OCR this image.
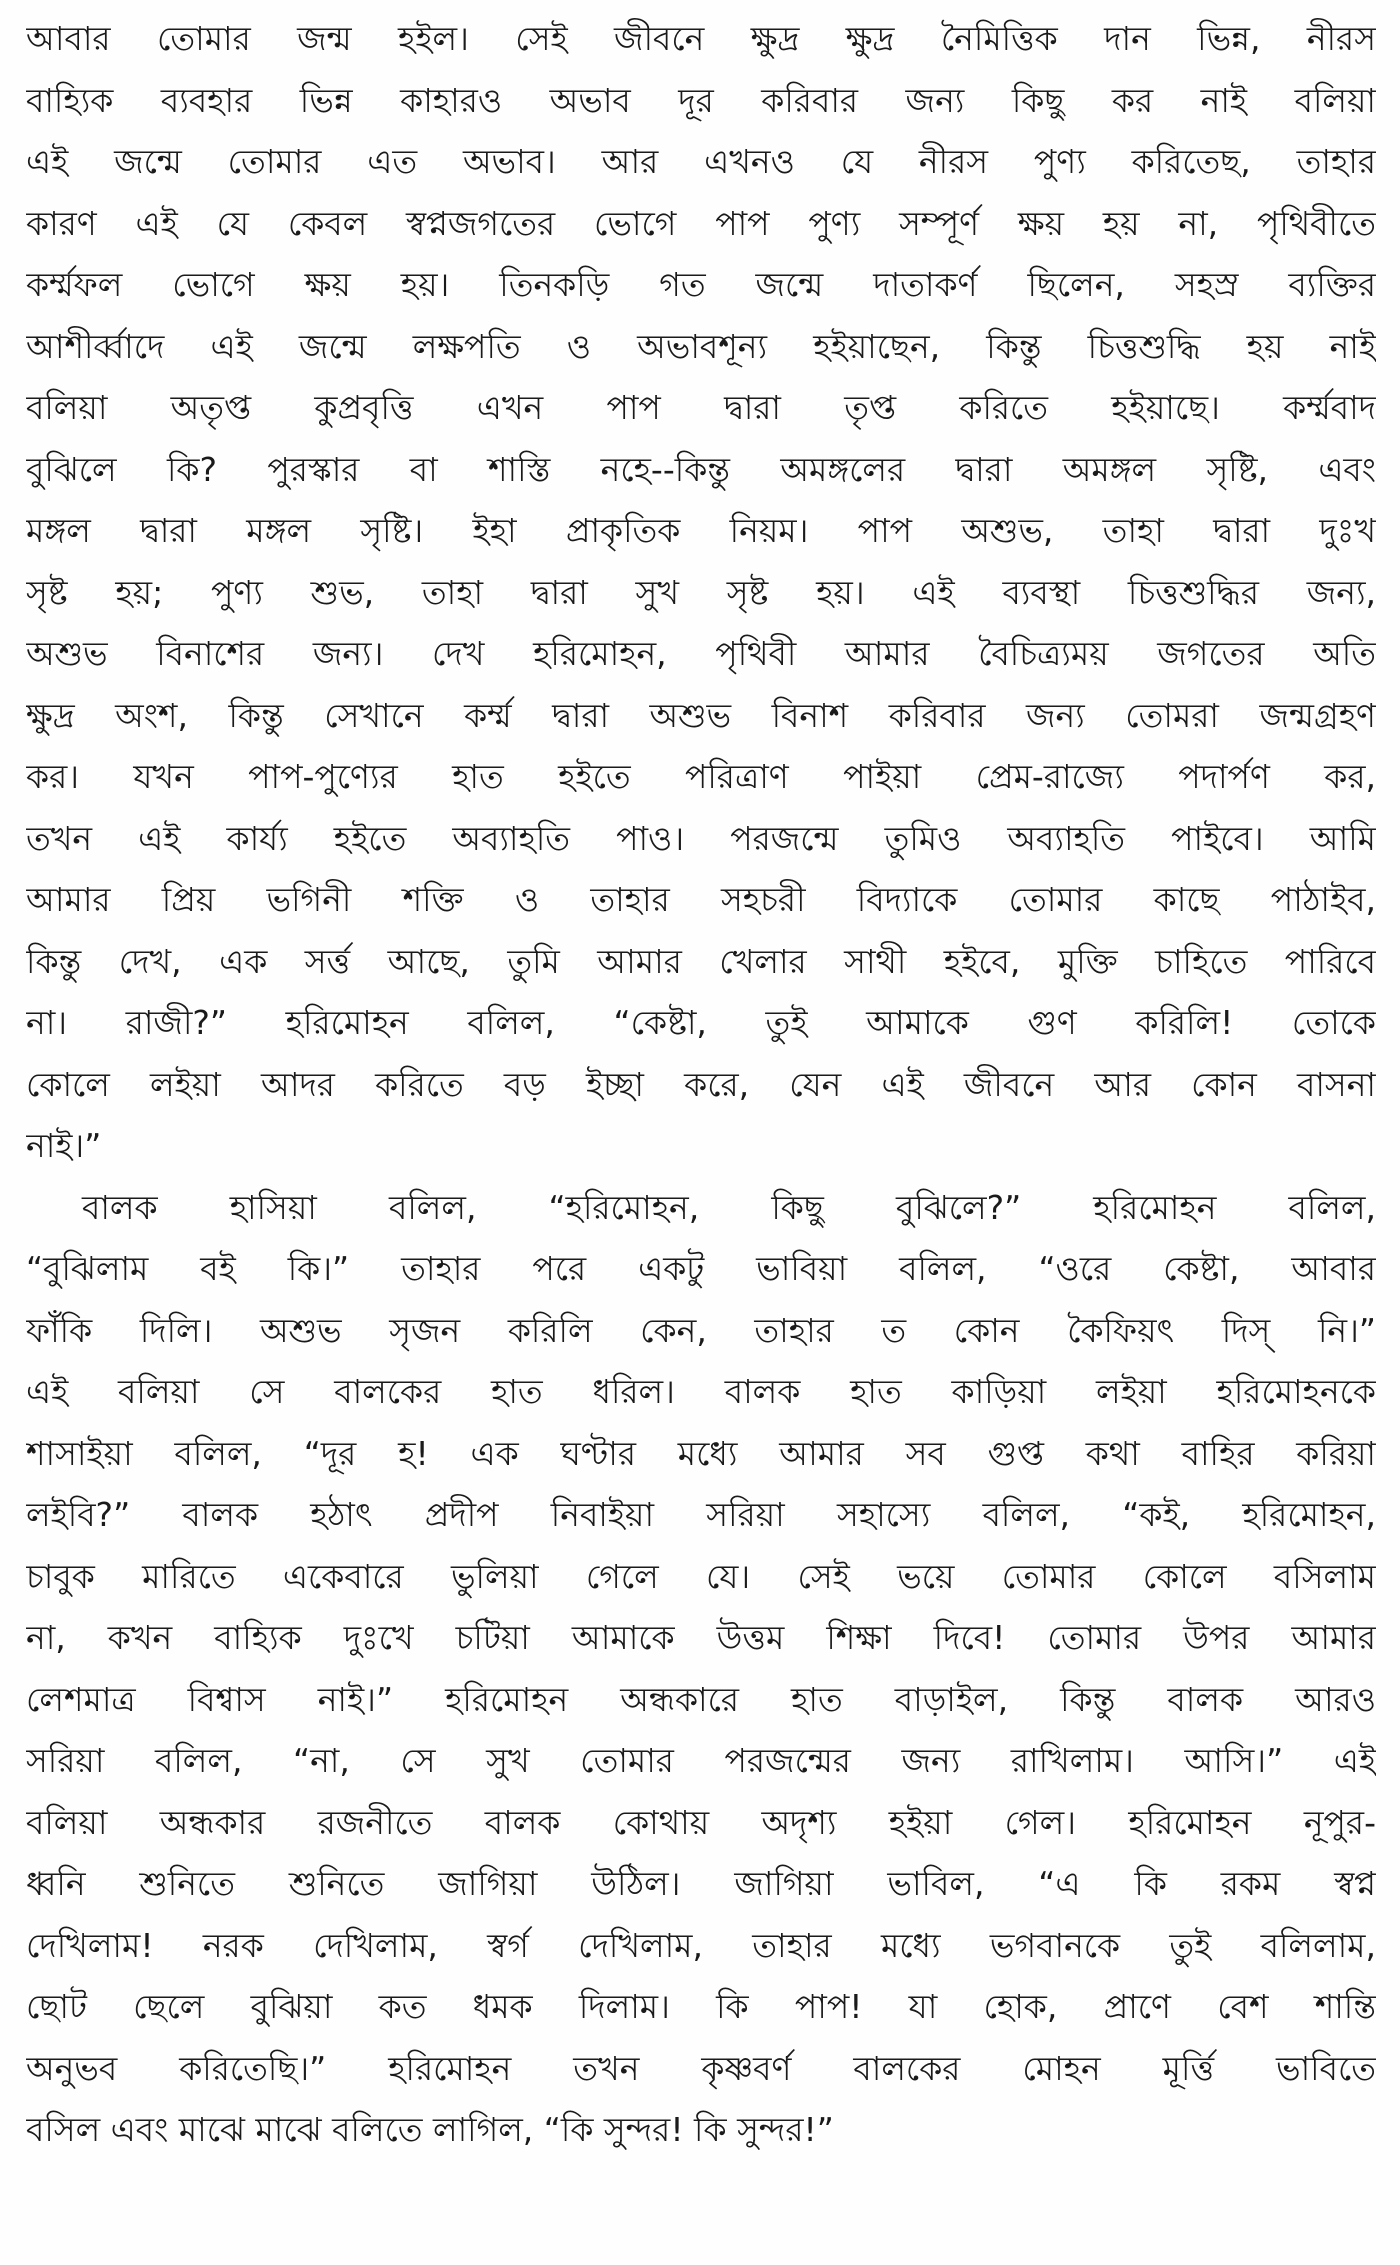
আবার তোমার জন্ম হইল। সেই জীবনে ক্ষুদ্র ক্ষুদ্র নৈমিত্তিক দান ভিন্ন, নীরস
বাহ্যিক ব্যবহার ভিন্ন কাহারও অভাব দূর করিবার জন্য কিছু কর নাই বলিয়া
এই জন্মে তোমার এত অভাব। আর এখনও যে নীরস পুণ্য করিতেছ, তাহার
কারণ এই যে কেবল স্বপ্নজগতের ভোগে পাপ পুণ্য সম্পূর্ণ ক্ষয় হয় না, পৃথিবীতে
কর্ম্মফল ভোগে ক্ষয় হয়। তিনকড়ি গত জন্মে দাতাকর্ণ ছিলেন, সহস্র ব্যক্তির
আশীর্ব্বাদে এই জন্মে লক্ষপতি ও অভাবশূন্য হইয়াছেন, কিন্তু চিত্তশুদ্ধি হয় নাই
বলিয়া অতৃপ্ত কুপ্রবৃত্তি এখন পাপ দ্বারা তৃপ্ত করিতে হইয়াছে। কর্ম্মবাদ
বুঝিলে কি? পুরস্কার বা শাস্তি নহে--কিন্তু অমঙ্গলের দ্বারা অমঙ্গল সৃষ্টি, এবং
মঙ্গল দ্বারা মঙ্গল সৃষ্টি। ইহা প্রাকৃতিক নিয়ম। পাপ অশুভ, তাহা দ্বারা দুঃখ
সৃষ্ট হয়; পুণ্য শুভ, তাহা দ্বারা সুখ সৃষ্ট হয়। এই ব্যবস্থা চিত্তশুদ্ধির জন্য,
অশুভ বিনাশের জন্য। দেখ হরিমোহন, পৃথিবী আমার বৈচিত্র্যময় জগতের অতি
ক্ষুদ্র অংশ, কিন্তু সেখানে কর্ম্ম দ্বারা অশুভ বিনাশ করিবার জন্য তোমরা জন্মগ্রহণ
কর। যখন পাপ-পুণ্যের হাত হইতে পরিত্রাণ পাইয়া প্রেম-রাজ্যে পদার্পণ কর,
তখন এই কার্য্য হইতে অব্যাহতি পাও। পরজন্মে তুমিও অব্যাহতি পাইবে। আমি
আমার প্রিয় ভগিনী শক্তি ও তাহার সহচরী বিদ্যাকে তোমার কাছে পাঠাইব,
কিন্তু দেখ, এক সর্ত্ত আছে, তুমি আমার খেলার সাথী হইবে, মুক্তি চাহিতে পারিবে
না। রাজী?” হরিমোহন বলিল, “কেষ্টা, তুই আমাকে গুণ করিলি! তোকে
কোলে লইয়া আদর করিতে বড় ইচ্ছা করে, যেন এই জীবনে আর কোন বাসনা
নাই।”
বালক হাসিয়া বলিল, “হরিমোহন, কিছু বুঝিলে?” হরিমোহন বলিল,
“বুঝিলাম বই কি।” তাহার পরে একটু ভাবিয়া বলিল, “ওরে কেষ্টা, আবার
ফাঁকি দিলি। অশুভ সৃজন করিলি কেন, তাহার ত কোন কৈফিয়ৎ দিস্ নি।”
এই বলিয়া সে বালকের হাত ধরিল। বালক হাত কাড়িয়া লইয়া হরিমোহনকে
শাসাইয়া বলিল, “দূর হ! এক ঘণ্টার মধ্যে আমার সব গুপ্ত কথা বাহির করিয়া
লইবি?” বালক হঠাৎ প্রদীপ নিবাইয়া সরিয়া সহাস্যে বলিল, “কই, হরিমোহন,
চাবুক মারিতে একেবারে ভুলিয়া গেলে যে। সেই ভয়ে তোমার কোলে বসিলাম
না, কখন বাহ্যিক দুঃখে চটিয়া আমাকে উত্তম শিক্ষা দিবে! তোমার উপর আমার
লেশমাত্র বিশ্বাস নাই।” হরিমোহন অন্ধকারে হাত বাড়াইল, কিন্তু বালক আরও
সরিয়া বলিল, “না, সে সুখ তোমার পরজন্মের জন্য রাখিলাম। আসি।” এই
বলিয়া অন্ধকার রজনীতে বালক কোথায় অদৃশ্য হইয়া গেল। হরিমোহন নূপুর-
ধ্বনি শুনিতে শুনিতে জাগিয়া উঠিল। জাগিয়া ভাবিল, “এ কি রকম স্বপ্ন
দেখিলাম! নরক দেখিলাম, স্বর্গ দেখিলাম, তাহার মধ্যে ভগবানকে তুই বলিলাম,
ছোট ছেলে বুঝিয়া কত ধমক দিলাম। কি পাপ! যা হোক, প্রাণে বেশ শান্তি
অনুভব করিতেছি।” হরিমোহন তখন কৃষ্ণবর্ণ বালকের মোহন মূর্ত্তি ভাবিতে
বসিল এবং মাঝে মাঝে বলিতে লাগিল, “কি সুন্দর! কি সুন্দর!”
